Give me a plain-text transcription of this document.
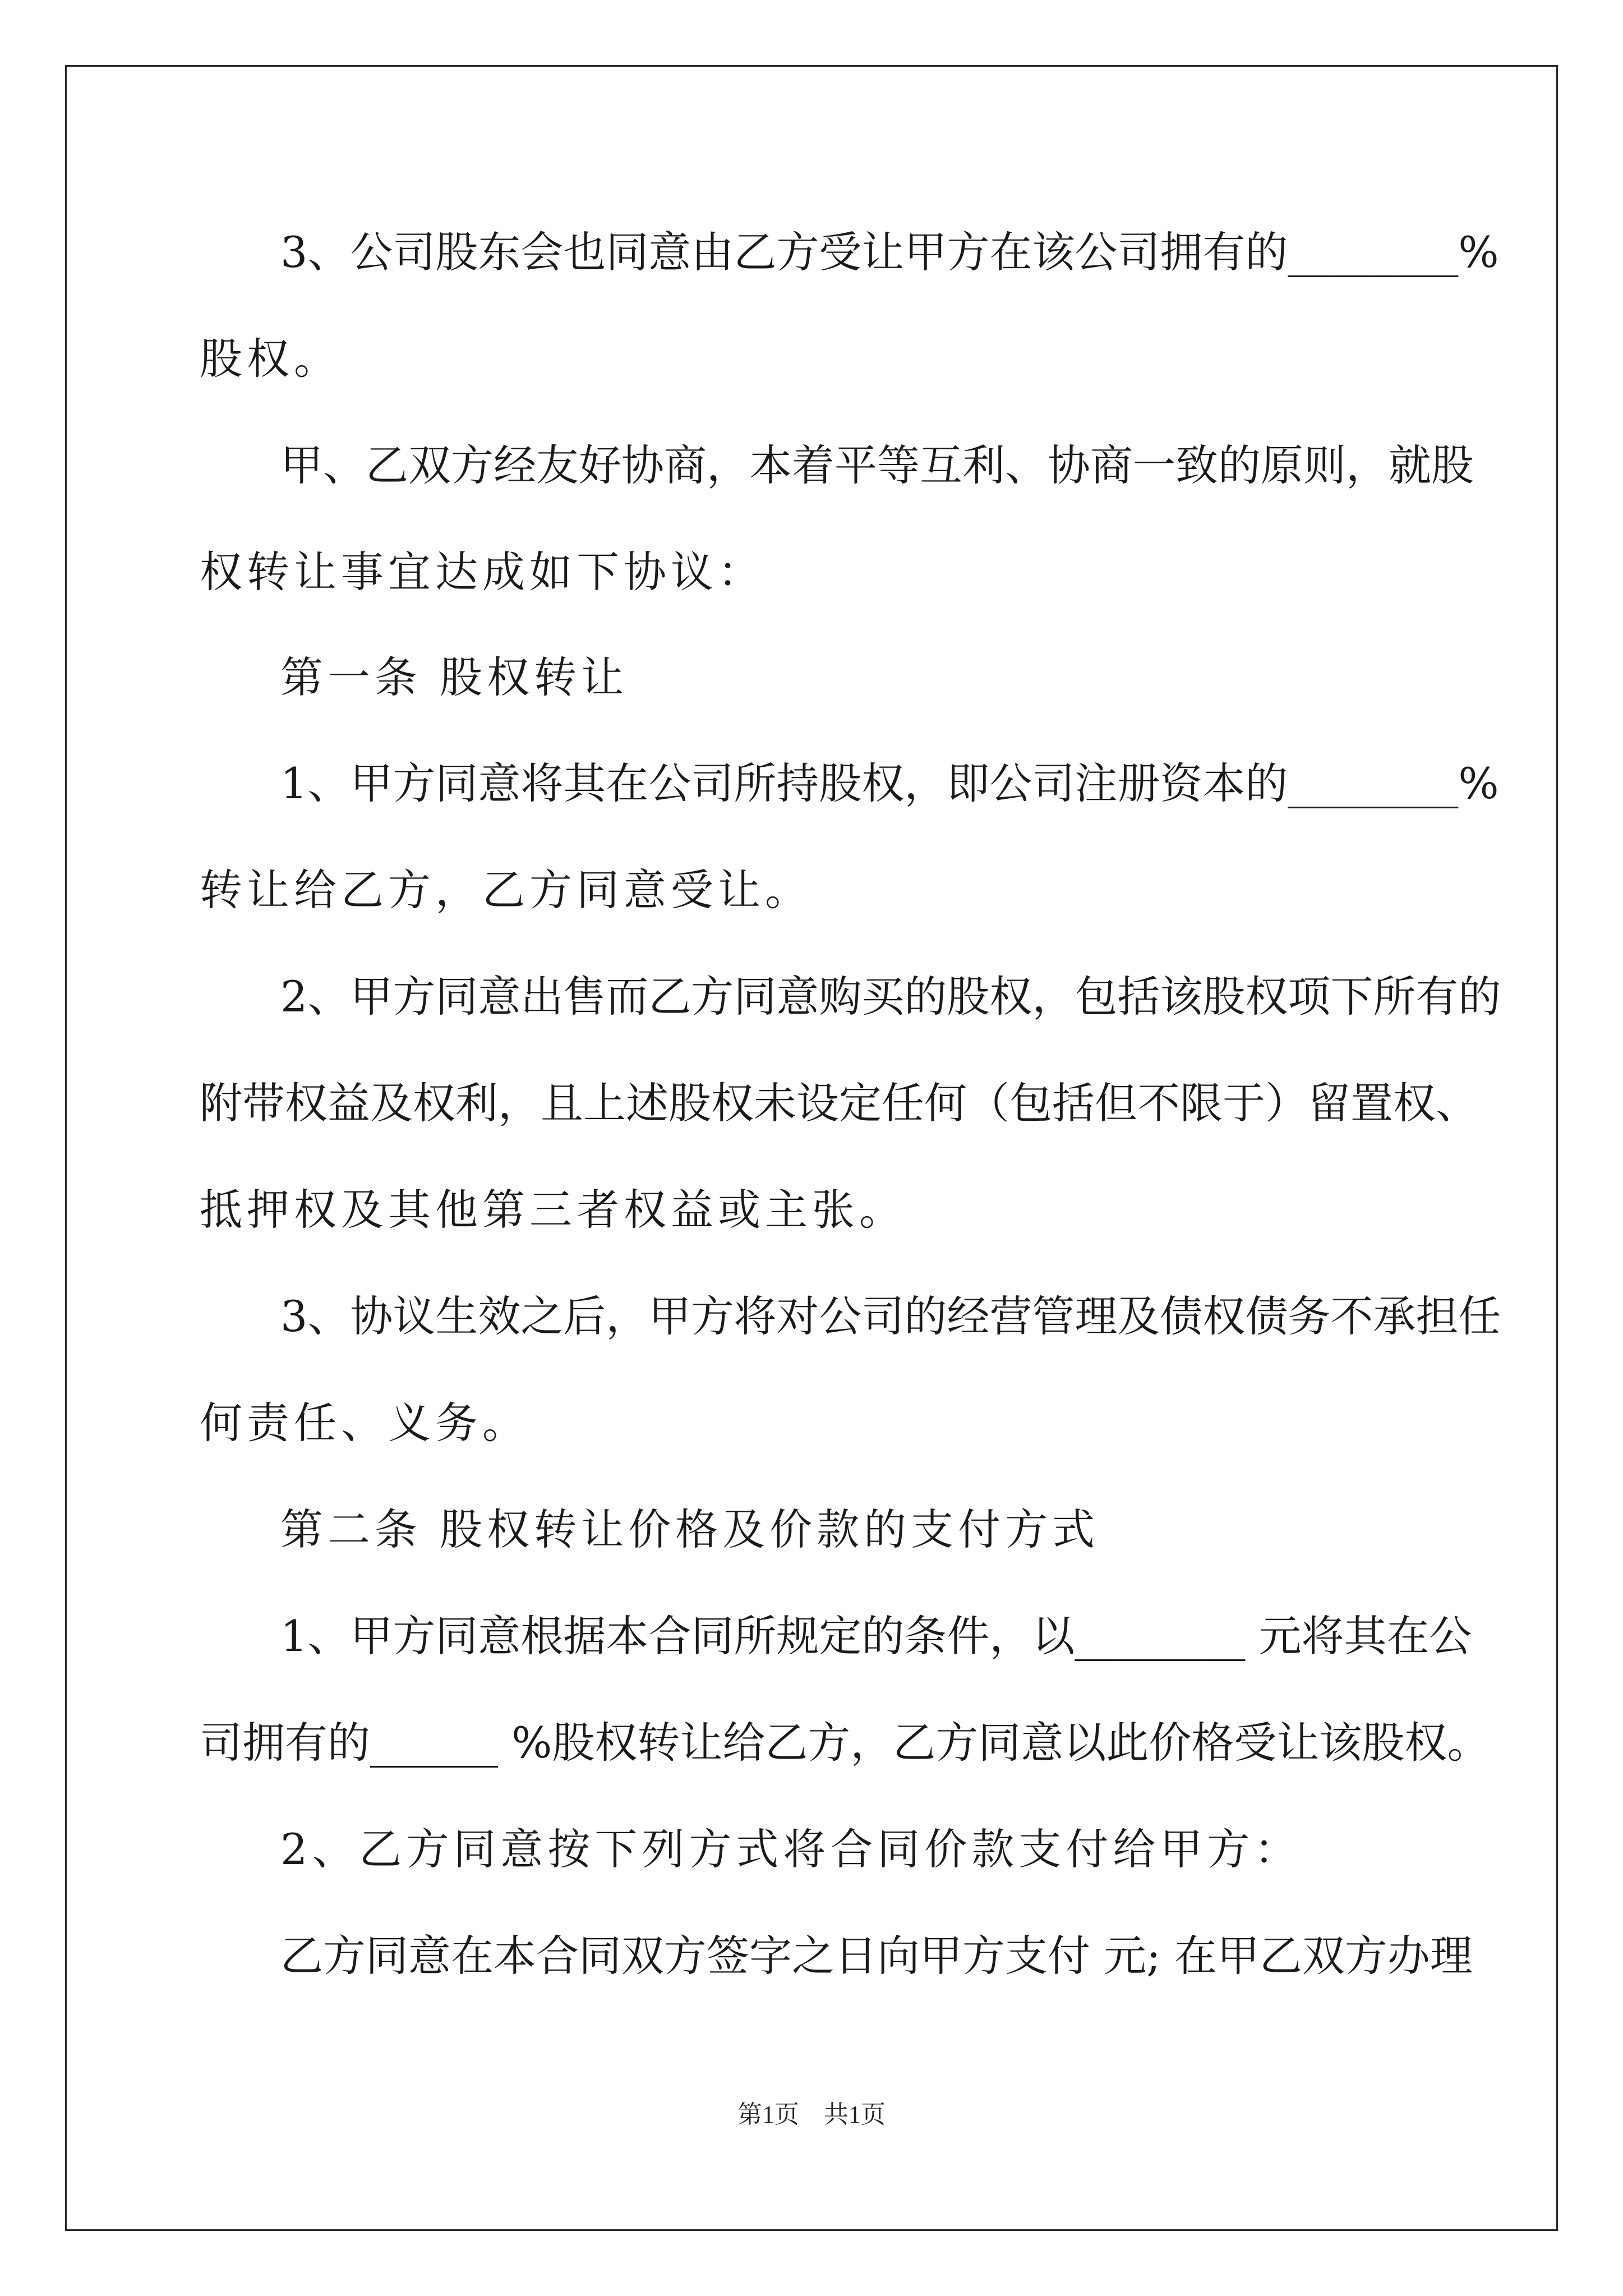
3、公司股东会也同意由乙方受让甲方在该公司拥有的________%
股权。
甲、乙双方经友好协商，本着平等互利、协商一致的原则，就股
权转让事宜达成如下协议：
第一条 股权转让
1、甲方同意将其在公司所持股权，即公司注册资本的________%
转让给乙方，乙方同意受让。
2、甲方同意出售而乙方同意购买的股权，包括该股权项下所有的
附带权益及权利，且上述股权未设定任何（包括但不限于）留置权、
抵押权及其他第三者权益或主张。
3、协议生效之后，甲方将对公司的经营管理及债权债务不承担任
何责任、义务。
第二条 股权转让价格及价款的支付方式
1、甲方同意根据本合同所规定的条件，以________ 元将其在公
司拥有的______ %股权转让给乙方，乙方同意以此价格受让该股权。
2、乙方同意按下列方式将合同价款支付给甲方：
乙方同意在本合同双方签字之日向甲方支付 元; 在甲乙双方办理
第1页　共1页
